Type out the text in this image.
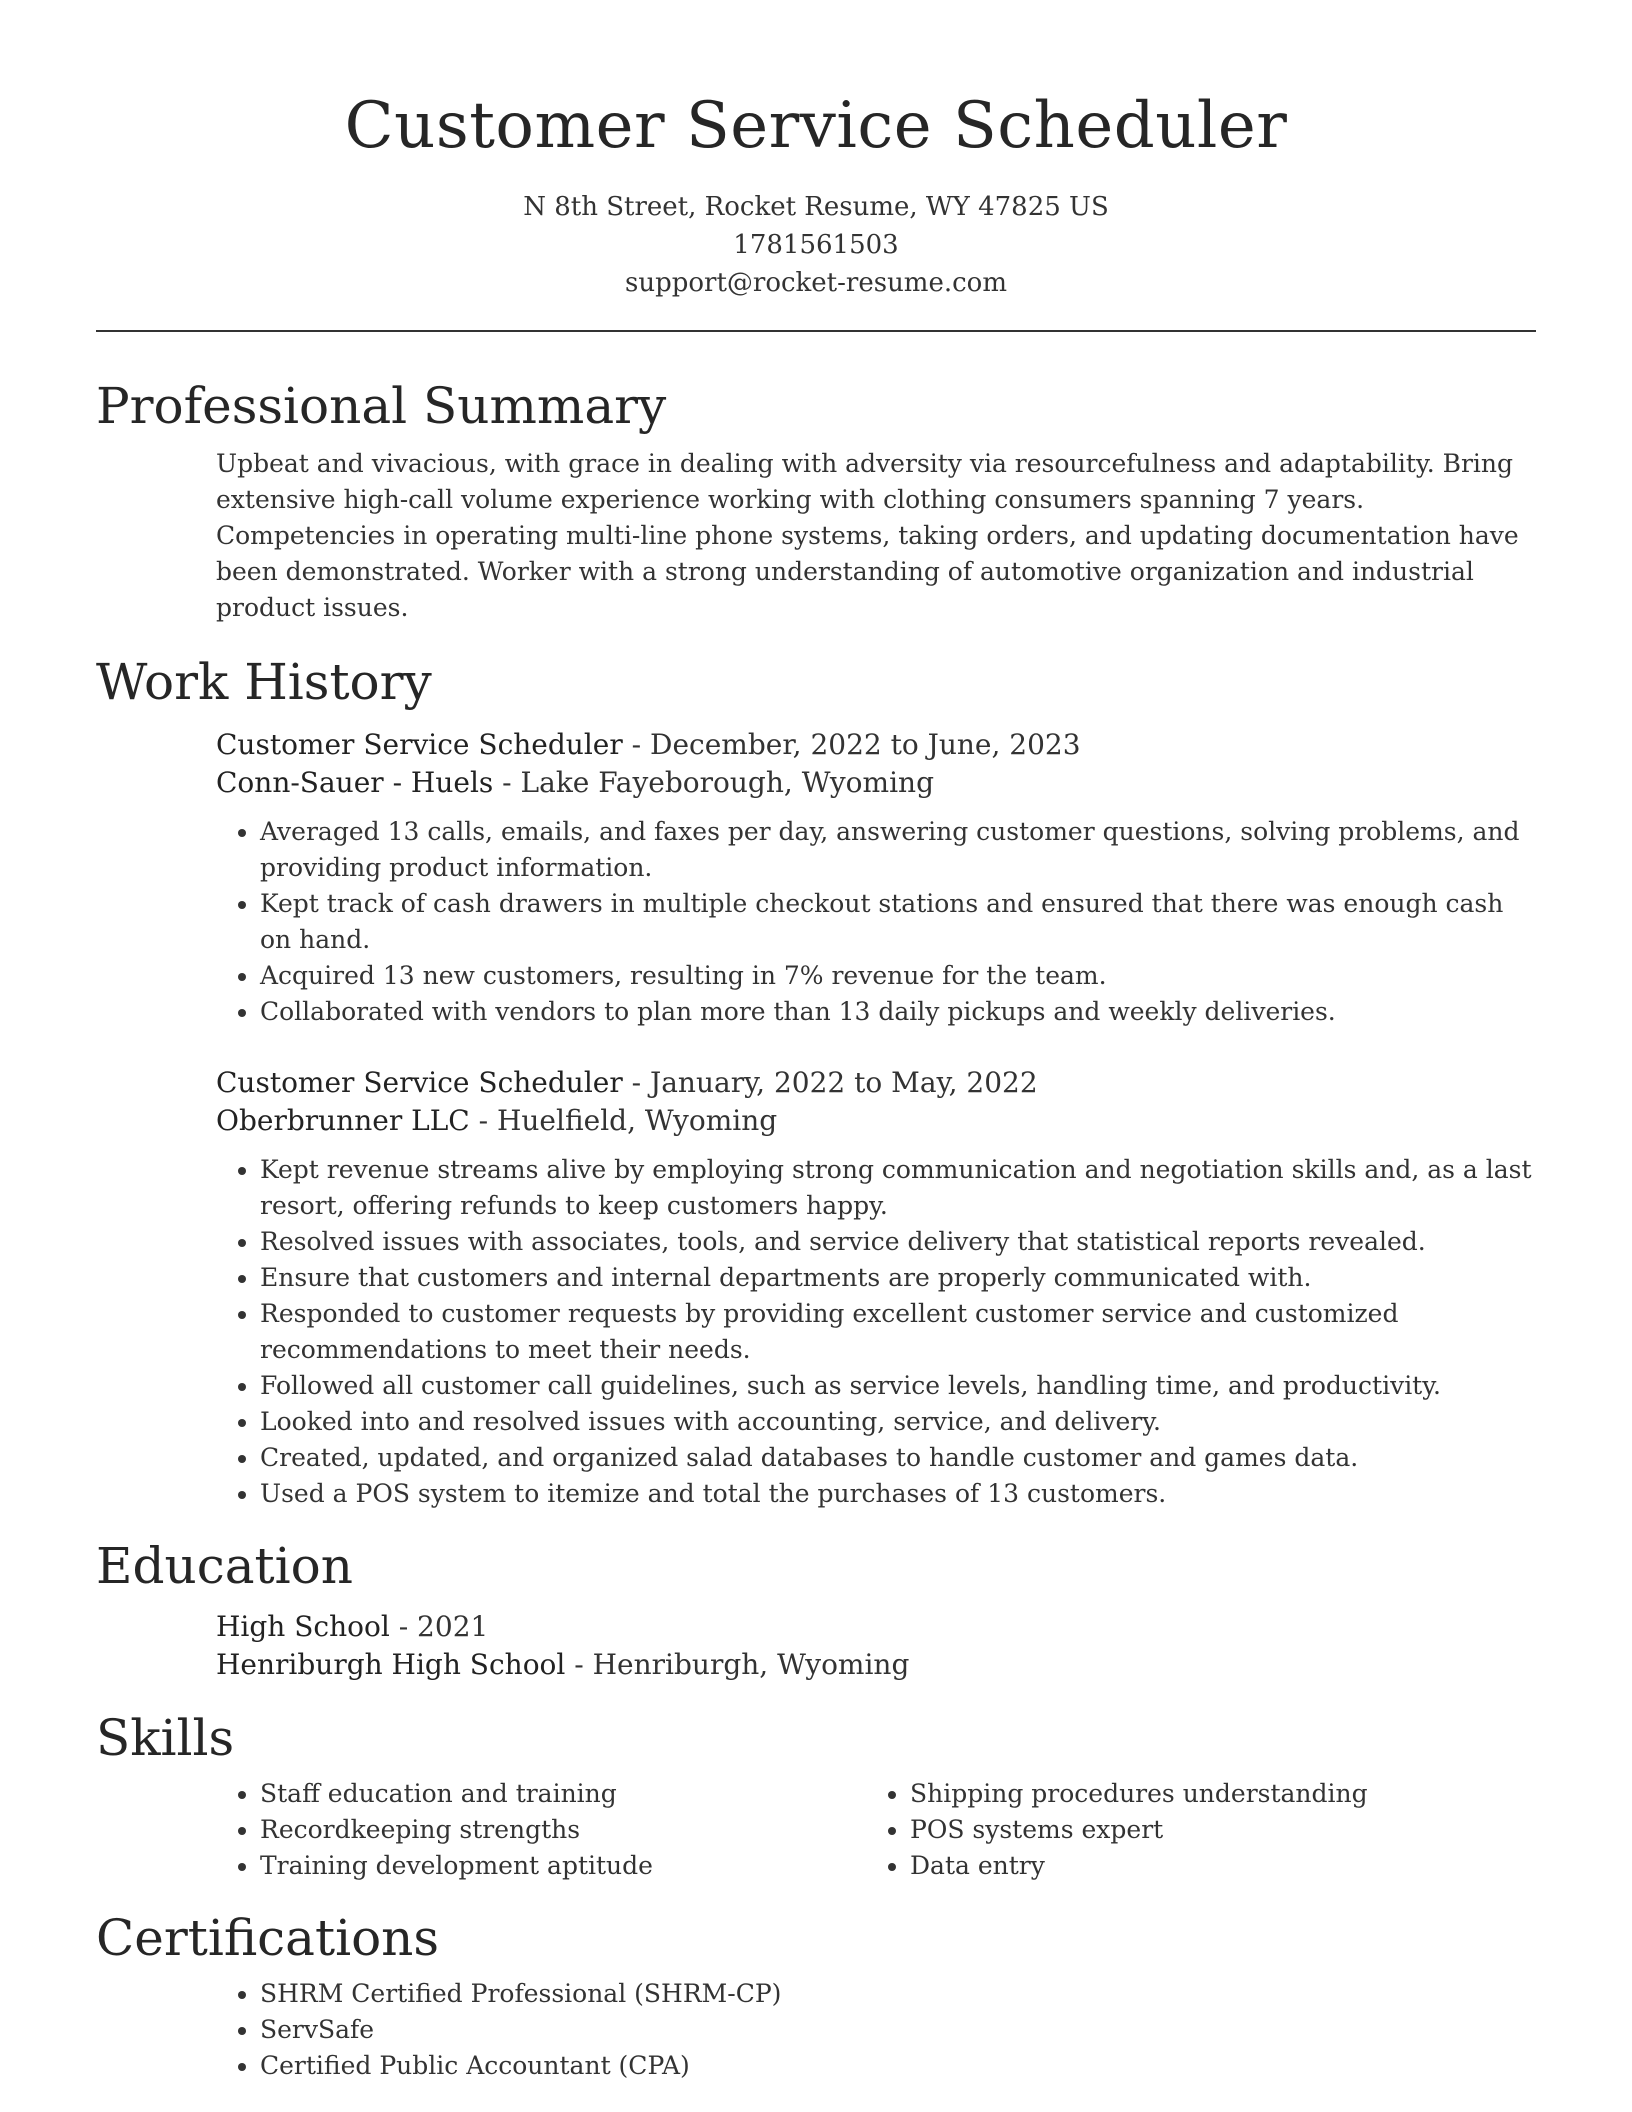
Customer Service Scheduler
N 8th Street, Rocket Resume, WY 47825 US
1781561503
support@rocket-resume.com
Professional Summary
Upbeat and vivacious, with grace in dealing with adversity via resourcefulness and adaptability. Bring extensive high-call volume experience working with clothing consumers spanning 7 years. Competencies in operating multi-line phone systems, taking orders, and updating documentation have been demonstrated. Worker with a strong understanding of automotive organization and industrial product issues.
Work History
Customer Service Scheduler - December, 2022 to June, 2023
Conn-Sauer - Huels - Lake Fayeborough, Wyoming
• Averaged 13 calls, emails, and faxes per day, answering customer questions, solving problems, and providing product information.
• Kept track of cash drawers in multiple checkout stations and ensured that there was enough cash on hand.
• Acquired 13 new customers, resulting in 7% revenue for the team.
• Collaborated with vendors to plan more than 13 daily pickups and weekly deliveries.
Customer Service Scheduler - January, 2022 to May, 2022
Oberbrunner LLC - Huelfield, Wyoming
• Kept revenue streams alive by employing strong communication and negotiation skills and, as a last resort, offering refunds to keep customers happy.
• Resolved issues with associates, tools, and service delivery that statistical reports revealed.
• Ensure that customers and internal departments are properly communicated with.
• Responded to customer requests by providing excellent customer service and customized recommendations to meet their needs.
• Followed all customer call guidelines, such as service levels, handling time, and productivity.
• Looked into and resolved issues with accounting, service, and delivery.
• Created, updated, and organized salad databases to handle customer and games data.
• Used a POS system to itemize and total the purchases of 13 customers.
Education
High School - 2021
Henriburgh High School - Henriburgh, Wyoming
Skills
• Staff education and training
• Recordkeeping strengths
• Training development aptitude
• Shipping procedures understanding
• POS systems expert
• Data entry
Certifications
• SHRM Certified Professional (SHRM-CP)
• ServSafe
• Certified Public Accountant (CPA)
